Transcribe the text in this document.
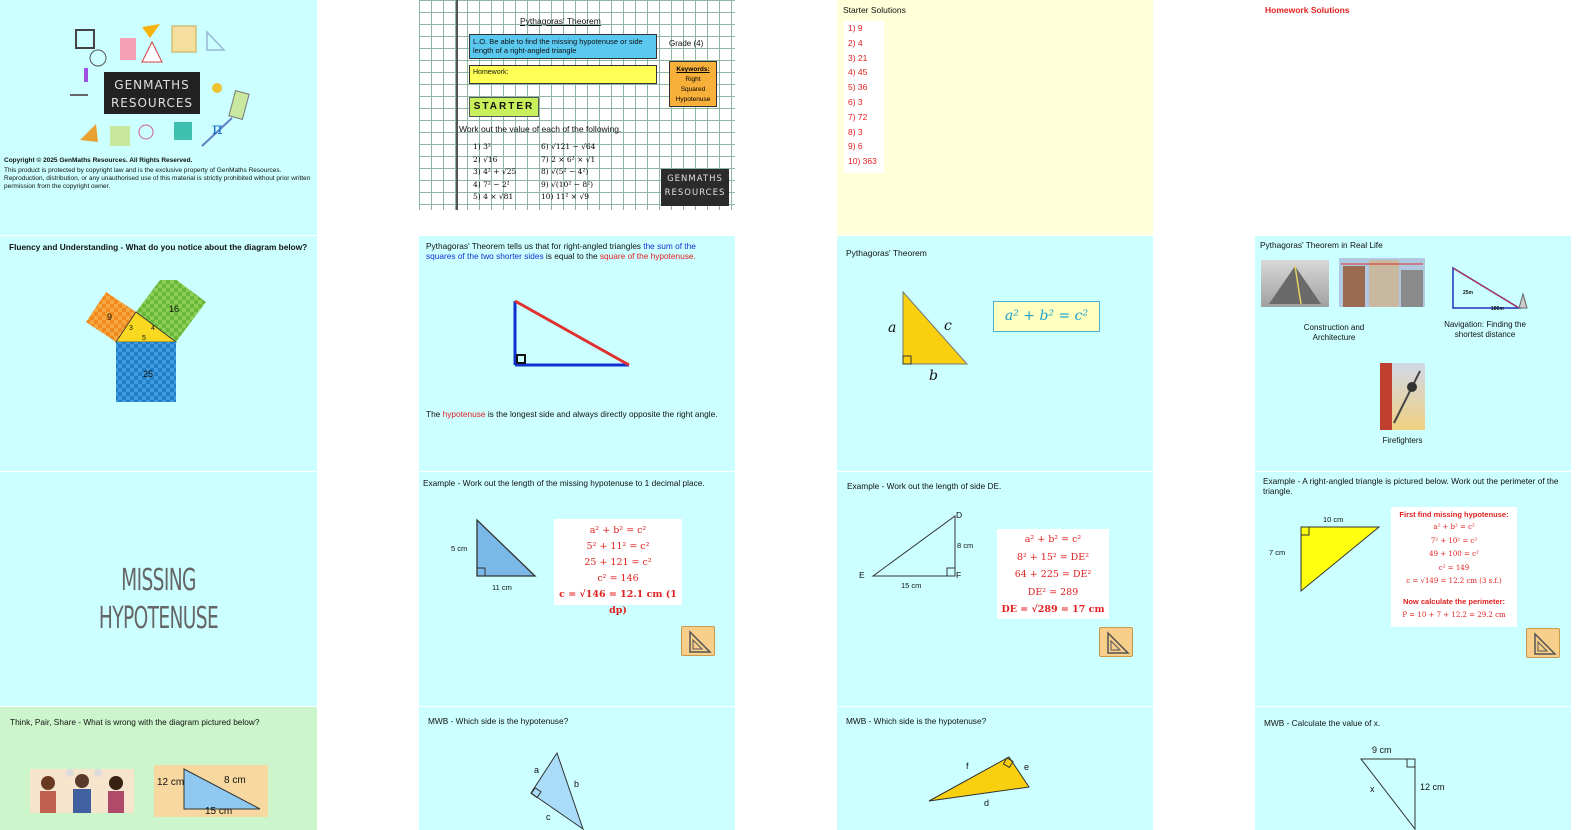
π
GENMATHS
RESOURCES
Copyright © 2025 GenMaths Resources. All Rights Reserved.
This product is protected by copyright law and is the exclusive property of GenMaths Resources. Reproduction, distribution, or any unauthorised use of this material is strictly prohibited without prior written permission from the copyright owner.
Pythagoras' Theorem
L.O. Be able to find the missing hypotenuse or side length of a right-angled triangle
Grade (4)
Homework:	Keywords:
Right
Squared
Hypotenuse
STARTER
Work out the value of each of the following.
1) 3²
2) √16
3) 4² + √25
4) 7² − 2²
5) 4 × √81
6) √121 − √64
7) 2 × 6² × √1
8) √(5² − 4²)
9) √(10² − 8²)
10) 11² × √9
GENMATHS
RESOURCES
Starter Solutions
1) 9
2) 4
3) 21
4) 45
5) 36
6) 3
7) 72
8) 3
9) 6
10) 363
Homework Solutions
Fluency and Understanding - What do you notice about the diagram below?
9
16
25
3	4
5
Pythagoras' Theorem tells us that for right-angled triangles the sum of the squares of the two shorter sides is equal to the square of the hypotenuse.
The hypotenuse is the longest side and always directly opposite the right angle.
Pythagoras' Theorem
a	c
b
a² + b² = c²
Pythagoras' Theorem in Real Life
25m
180m
Construction and Architecture
Navigation: Finding the shortest distance
Firefighters
MISSING HYPOTENUSE
Example - Work out the length of the missing hypotenuse to 1 decimal place.
5 cm
11 cm
a² + b² = c²
5² + 11² = c²
25 + 121 = c²
c² = 146
c = √146 = 12.1 cm (1 dp)
Example - Work out the length of side DE.
D
E	F
8 cm
15 cm
a² + b² = c²
8² + 15² = DE²
64 + 225 = DE²
DE² = 289
DE = √289 = 17 cm
Example - A right-angled triangle is pictured below. Work out the perimeter of the triangle.
10 cm
7 cm
First find missing hypotenuse:
a² + b² = c²
7² + 10² = c²
49 + 100 = c²
c² = 149
c = √149 = 12.2 cm (3 s.f.)
Now calculate the perimeter:
P = 10 + 7 + 12.2 = 29.2 cm
Think, Pair, Share - What is wrong with the diagram pictured below?
12 cm	8 cm
15 cm
MWB - Which side is the hypotenuse?
a
b
c
MWB - Which side is the hypotenuse?
f	e
d
MWB - Calculate the value of x.
9 cm
12 cm
x
